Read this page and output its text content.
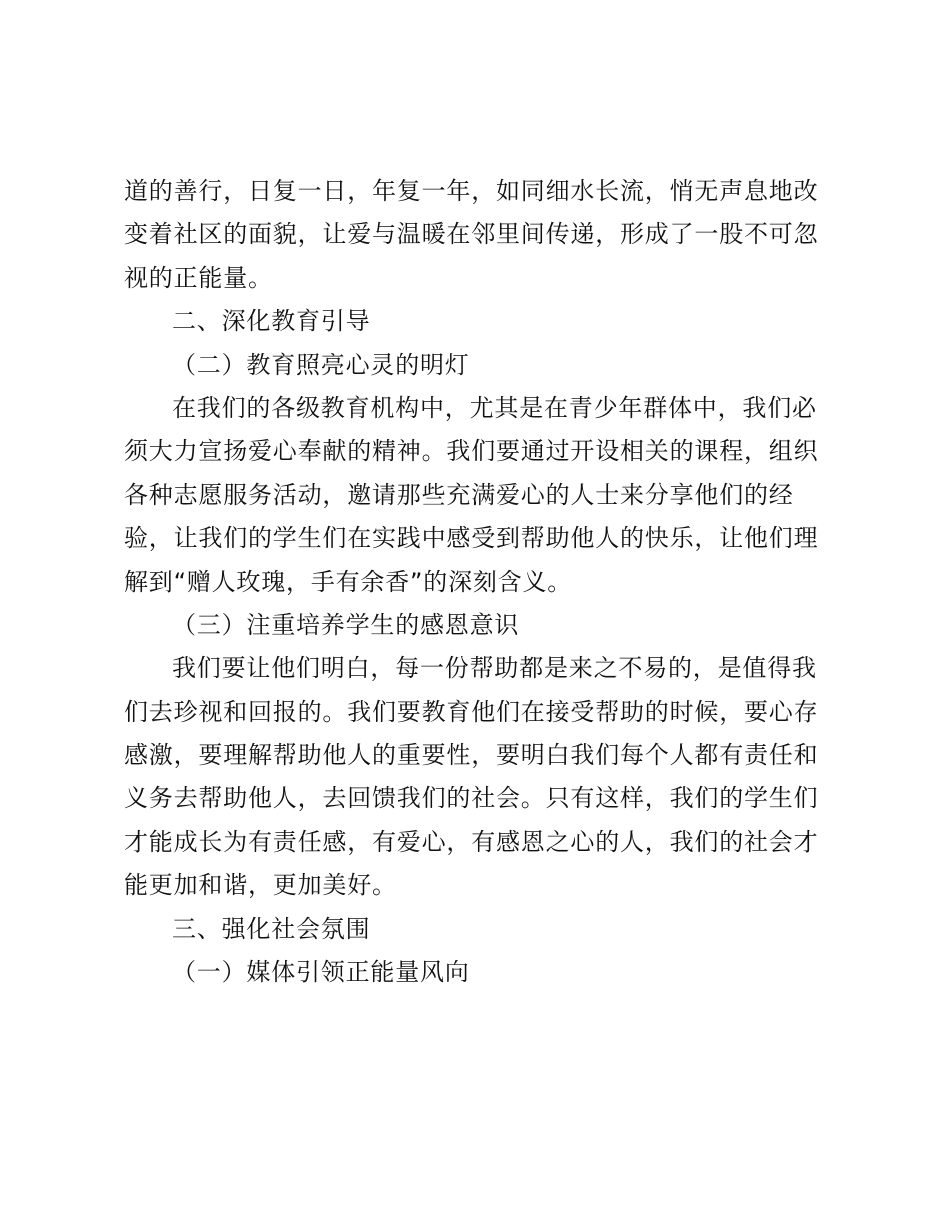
道的善行，日复一日，年复一年，如同细水长流，悄无声息地改
变着社区的面貌，让爱与温暖在邻里间传递，形成了一股不可忽
视的正能量。
二、深化教育引导
（二）教育照亮心灵的明灯
在我们的各级教育机构中，尤其是在青少年群体中，我们必
须大力宣扬爱心奉献的精神。我们要通过开设相关的课程，组织
各种志愿服务活动，邀请那些充满爱心的人士来分享他们的经
验，让我们的学生们在实践中感受到帮助他人的快乐，让他们理
解到“赠人玫瑰，手有余香”的深刻含义。
（三）注重培养学生的感恩意识
我们要让他们明白，每一份帮助都是来之不易的，是值得我
们去珍视和回报的。我们要教育他们在接受帮助的时候，要心存
感激，要理解帮助他人的重要性，要明白我们每个人都有责任和
义务去帮助他人，去回馈我们的社会。只有这样，我们的学生们
才能成长为有责任感，有爱心，有感恩之心的人，我们的社会才
能更加和谐，更加美好。
三、强化社会氛围
（一）媒体引领正能量风向
